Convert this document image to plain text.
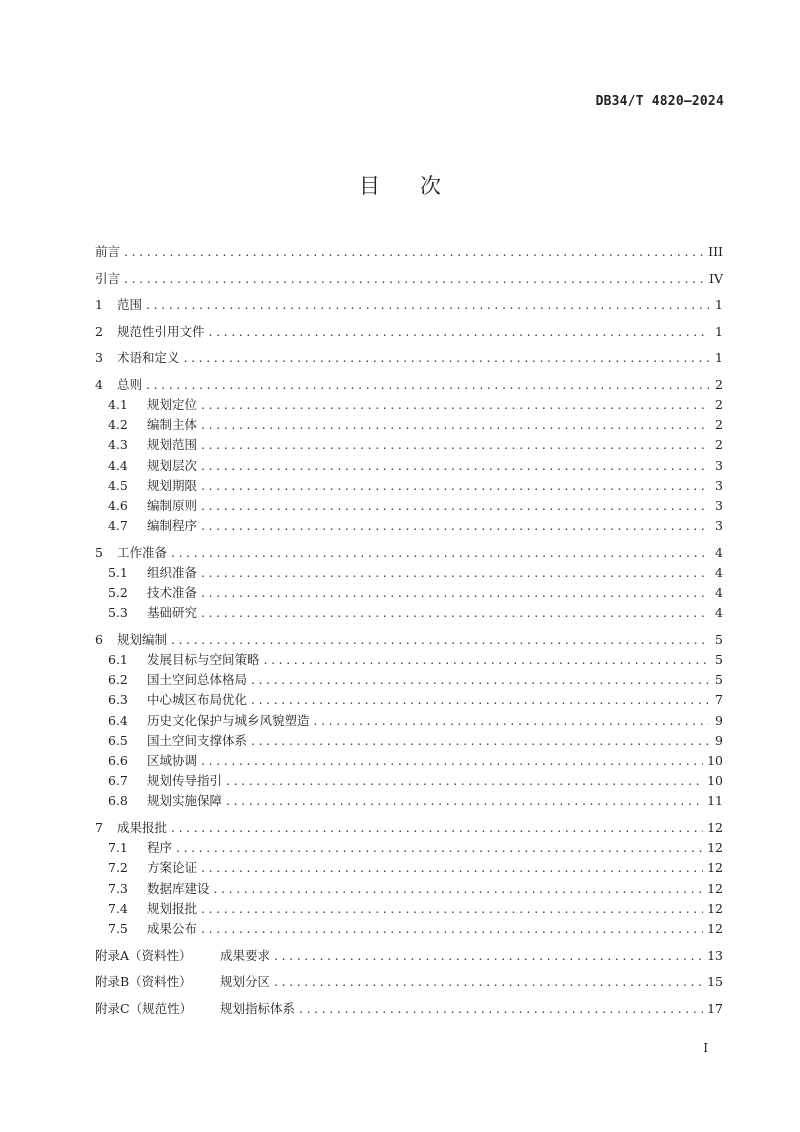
DB34/T 4820—2024
目次
前言 .....	III
引言 .....	IV
1	范围 .....	1
2	规范性引用文件 .....	1
3	术语和定义 .....	1
4	总则 .....	2
4.1	规划定位 .....	2
4.2	编制主体 .....	2
4.3	规划范围 .....	2
4.4	规划层次 .....	3
4.5	规划期限 .....	3
4.6	编制原则 .....	3
4.7	编制程序 .....	3
5	工作准备 .....	4
5.1	组织准备 .....	4
5.2	技术准备 .....	4
5.3	基础研究 .....	4
6	规划编制 .....	5
6.1	发展目标与空间策略 .....	5
6.2	国土空间总体格局 .....	5
6.3	中心城区布局优化 .....	7
6.4	历史文化保护与城乡风貌塑造 .....	9
6.5	国土空间支撑体系 .....	9
6.6	区域协调 .....	10
6.7	规划传导指引 .....	10
6.8	规划实施保障 .....	11
7	成果报批 .....	12
7.1	程序 .....	12
7.2	方案论证 .....	12
7.3	数据库建设 .....	12
7.4	规划报批 .....	12
7.5	成果公布 .....	12
附录A（资料性）	成果要求 .....	13
附录B（资料性）	规划分区 .....	15
附录C（规范性）	规划指标体系 .....	17
I
